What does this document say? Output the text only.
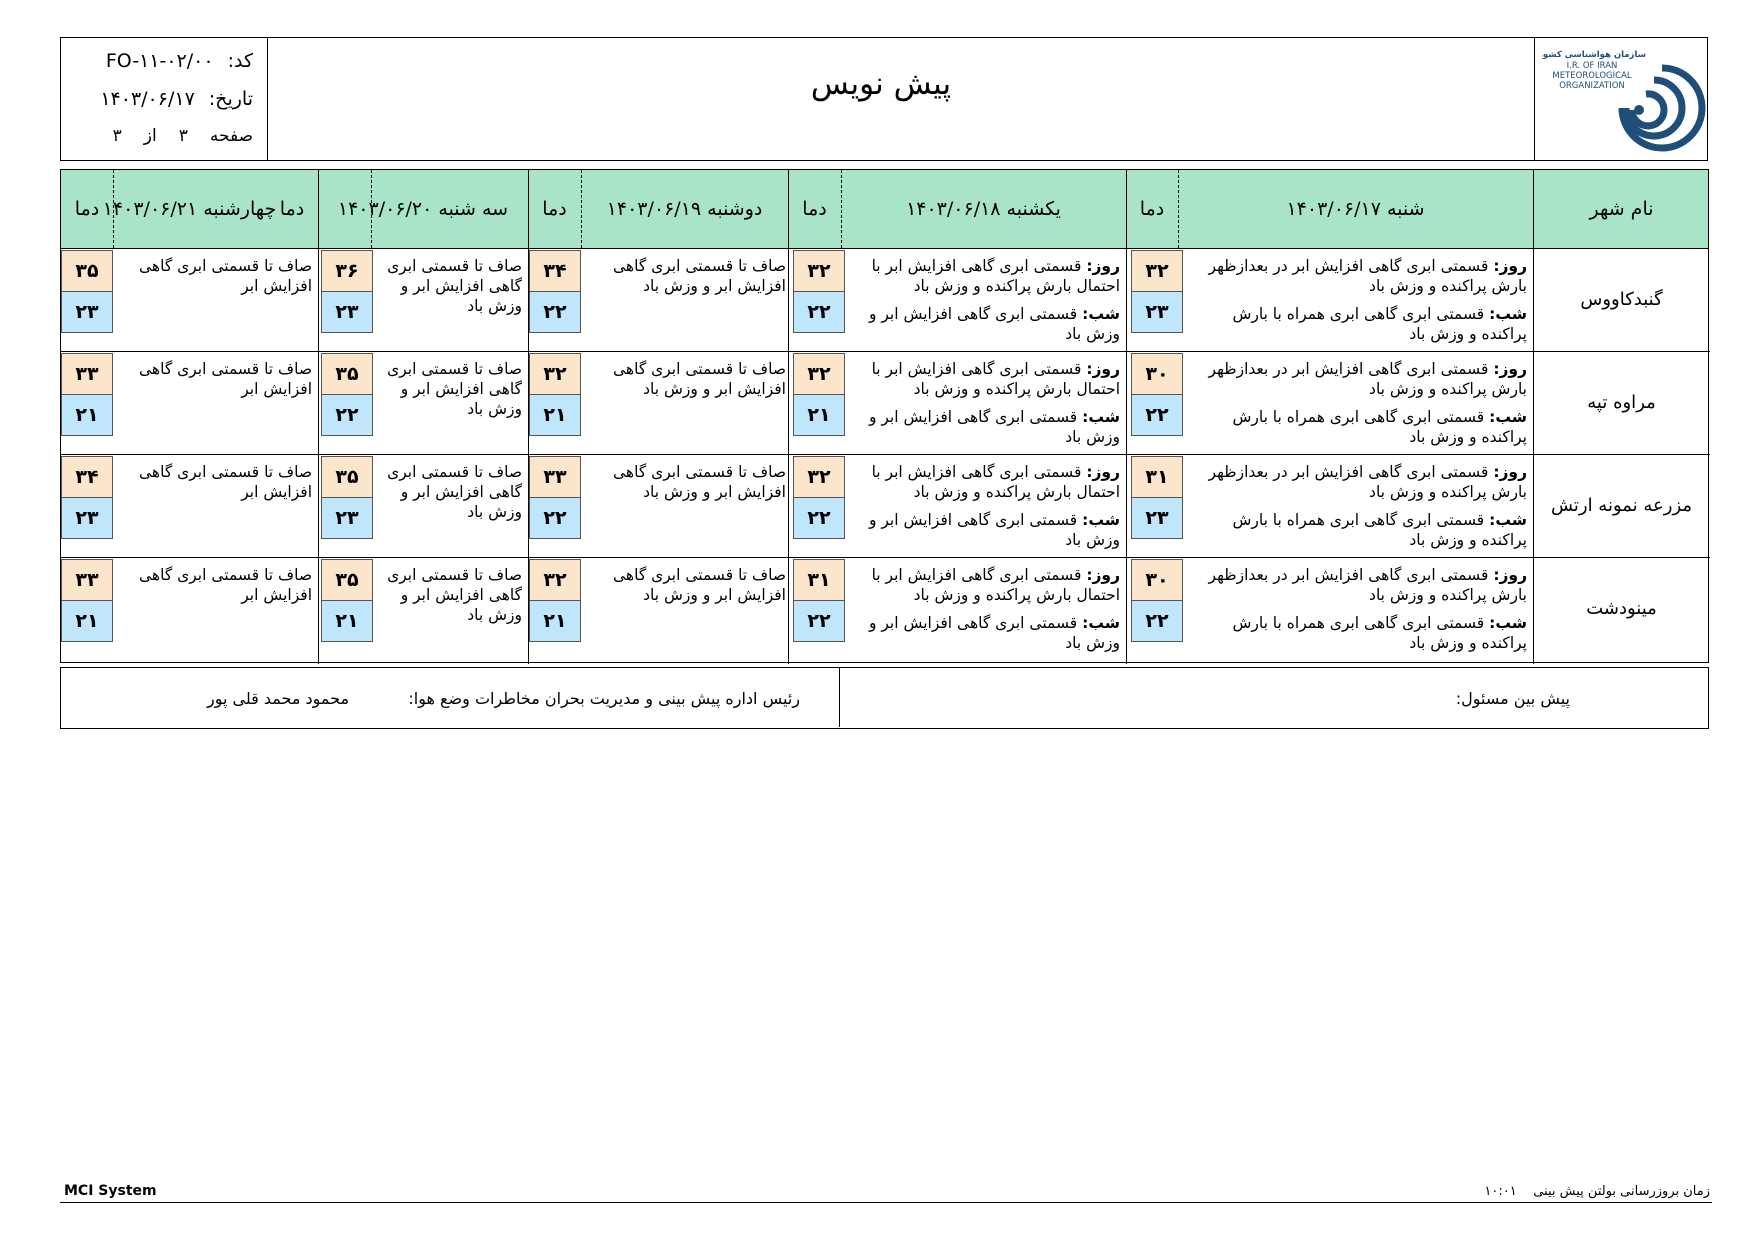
کد:
FO-۱۱-۰۲/۰۰
تاریخ:
۱۴۰۳/۰۶/۱۷
صفحه
۳
از
۳
پیش نویس
سازمان هواشناسی کشور
I.R. OF IRAN
METEOROLOGICAL
ORGANIZATION
نام شهر
شنبه ۱۴۰۳/۰۶/۱۷
دما
یکشنبه ۱۴۰۳/۰۶/۱۸
دما
دوشنبه ۱۴۰۳/۰۶/۱۹
دما
سه شنبه ۱۴۰۳/۰۶/۲۰
دما
چهارشنبه ۱۴۰۳/۰۶/۲۱
دما
گنبدکاووس
روز: قسمتی ابری گاهی افزایش ابر در بعدازظهر بارش پراکنده و وزش باد
شب: قسمتی ابری گاهی ابری همراه با بارش پراکنده و وزش باد
۳۲
۲۳
روز: قسمتی ابری گاهی افزایش ابر با احتمال بارش پراکنده و وزش باد
شب: قسمتی ابری گاهی افزایش ابر و وزش باد
۳۲
۲۲
صاف تا قسمتی ابری گاهی افزایش ابر و وزش باد
۳۴
۲۲
صاف تا قسمتی ابری گاهی افزایش ابر و وزش باد
۳۶
۲۳
صاف تا قسمتی ابری گاهی افزایش ابر
۳۵
۲۳
مراوه تپه
روز: قسمتی ابری گاهی افزایش ابر در بعدازظهر بارش پراکنده و وزش باد
شب: قسمتی ابری گاهی ابری همراه با بارش پراکنده و وزش باد
۳۰
۲۲
روز: قسمتی ابری گاهی افزایش ابر با احتمال بارش پراکنده و وزش باد
شب: قسمتی ابری گاهی افزایش ابر و وزش باد
۳۲
۲۱
صاف تا قسمتی ابری گاهی افزایش ابر و وزش باد
۳۲
۲۱
صاف تا قسمتی ابری گاهی افزایش ابر و وزش باد
۳۵
۲۲
صاف تا قسمتی ابری گاهی افزایش ابر
۳۳
۲۱
مزرعه نمونه ارتش
روز: قسمتی ابری گاهی افزایش ابر در بعدازظهر بارش پراکنده و وزش باد
شب: قسمتی ابری گاهی ابری همراه با بارش پراکنده و وزش باد
۳۱
۲۳
روز: قسمتی ابری گاهی افزایش ابر با احتمال بارش پراکنده و وزش باد
شب: قسمتی ابری گاهی افزایش ابر و وزش باد
۳۲
۲۲
صاف تا قسمتی ابری گاهی افزایش ابر و وزش باد
۳۳
۲۲
صاف تا قسمتی ابری گاهی افزایش ابر و وزش باد
۳۵
۲۳
صاف تا قسمتی ابری گاهی افزایش ابر
۳۴
۲۳
مینودشت
روز: قسمتی ابری گاهی افزایش ابر در بعدازظهر بارش پراکنده و وزش باد
شب: قسمتی ابری گاهی ابری همراه با بارش پراکنده و وزش باد
۳۰
۲۲
روز: قسمتی ابری گاهی افزایش ابر با احتمال بارش پراکنده و وزش باد
شب: قسمتی ابری گاهی افزایش ابر و وزش باد
۳۱
۲۲
صاف تا قسمتی ابری گاهی افزایش ابر و وزش باد
۳۲
۲۱
صاف تا قسمتی ابری گاهی افزایش ابر و وزش باد
۳۵
۲۱
صاف تا قسمتی ابری گاهی افزایش ابر
۳۳
۲۱
پیش بین مسئول:
رئیس اداره پیش بینی و مدیریت بحران مخاطرات وضع هوا:
محمود محمد قلی پور
MCI System	زمان بروزرسانی بولتن پیش بینی    ۱۰:۰۱
